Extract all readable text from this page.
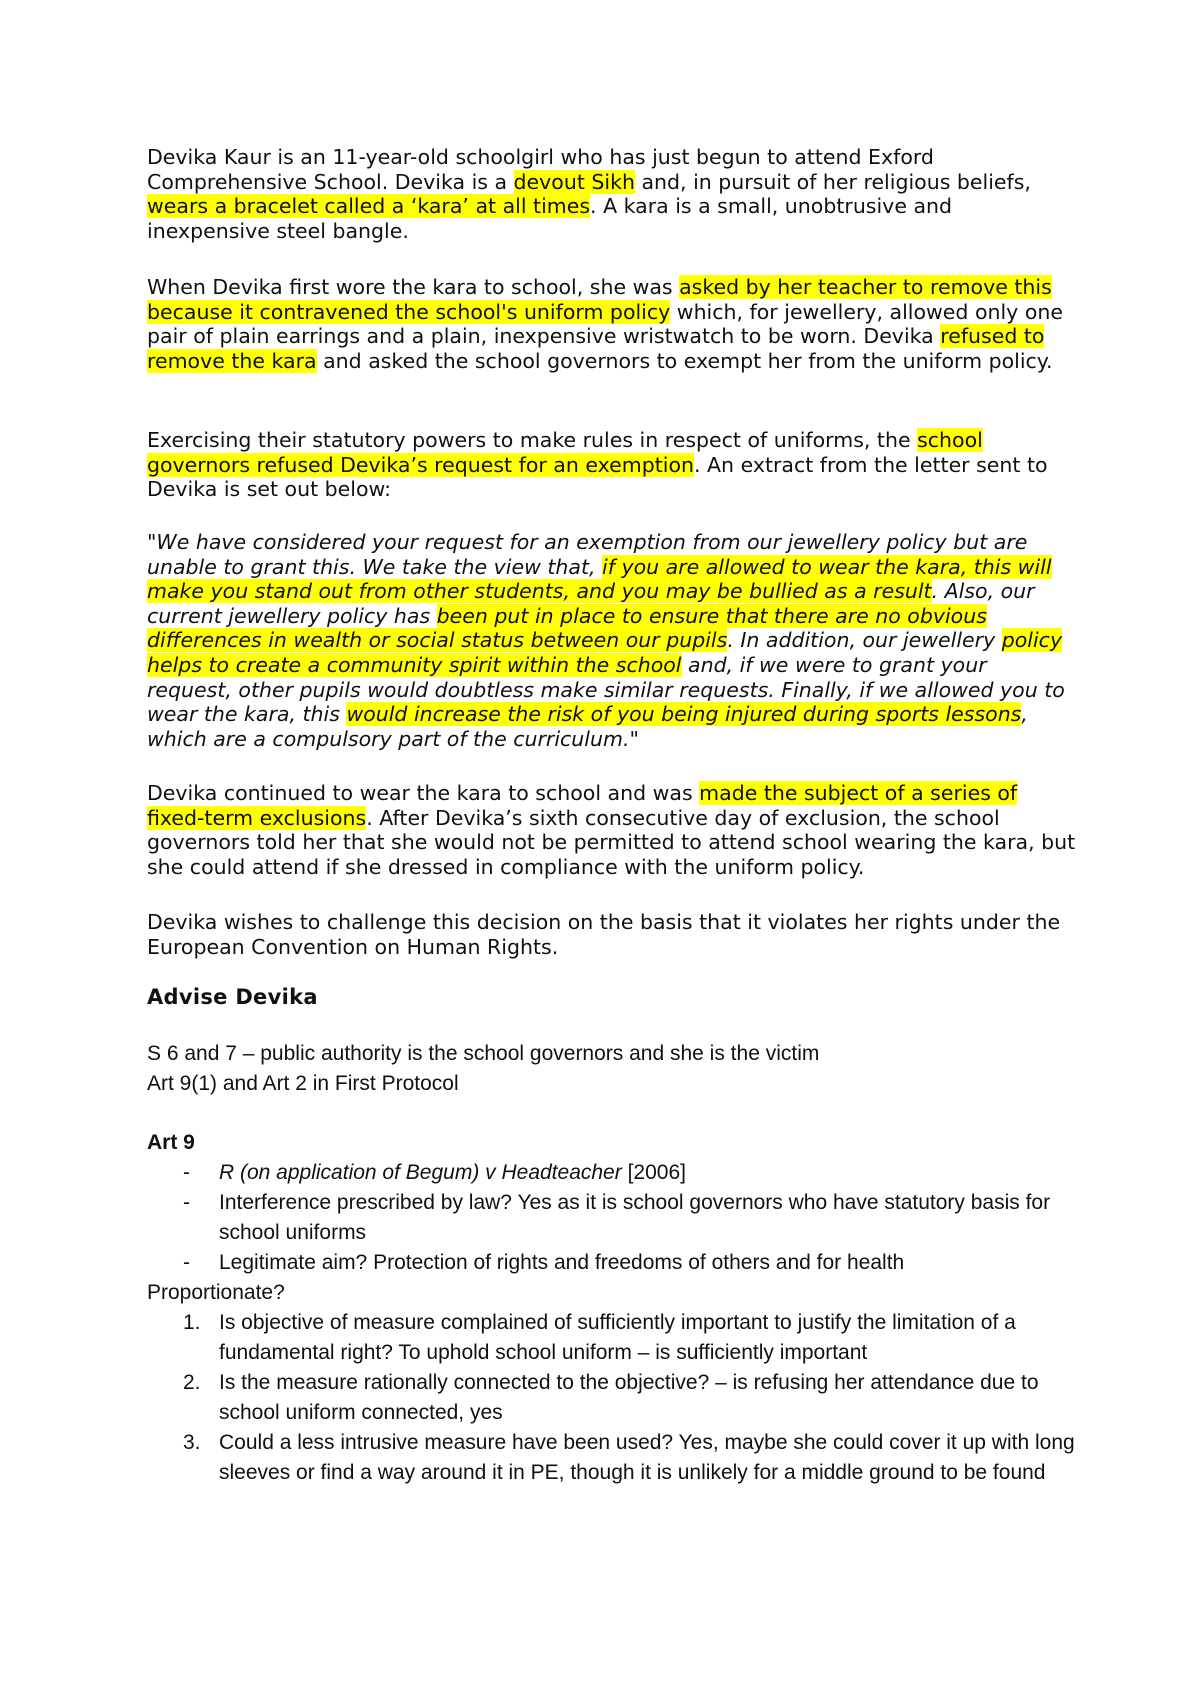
Devika Kaur is an 11-year-old schoolgirl who has just begun to attend Exford Comprehensive School. Devika is a devout Sikh and, in pursuit of her religious beliefs, wears a bracelet called a ‘kara’ at all times. A kara is a small, unobtrusive and inexpensive steel bangle.

When Devika first wore the kara to school, she was asked by her teacher to remove this because it contravened the school's uniform policy which, for jewellery, allowed only one pair of plain earrings and a plain, inexpensive wristwatch to be worn. Devika refused to remove the kara and asked the school governors to exempt her from the uniform policy.

Exercising their statutory powers to make rules in respect of uniforms, the school governors refused Devika’s request for an exemption. An extract from the letter sent to Devika is set out below:

"We have considered your request for an exemption from our jewellery policy but are unable to grant this. We take the view that, if you are allowed to wear the kara, this will make you stand out from other students, and you may be bullied as a result. Also, our current jewellery policy has been put in place to ensure that there are no obvious differences in wealth or social status between our pupils. In addition, our jewellery policy helps to create a community spirit within the school and, if we were to grant your request, other pupils would doubtless make similar requests. Finally, if we allowed you to wear the kara, this would increase the risk of you being injured during sports lessons, which are a compulsory part of the curriculum."

Devika continued to wear the kara to school and was made the subject of a series of fixed-term exclusions. After Devika’s sixth consecutive day of exclusion, the school governors told her that she would not be permitted to attend school wearing the kara, but she could attend if she dressed in compliance with the uniform policy.

Devika wishes to challenge this decision on the basis that it violates her rights under the European Convention on Human Rights.

Advise Devika

S 6 and 7 – public authority is the school governors and she is the victim

Art 9(1) and Art 2 in First Protocol

Art 9

- R (on application of Begum) v Headteacher [2006]
- Interference prescribed by law? Yes as it is school governors who have statutory basis for school uniforms
- Legitimate aim? Protection of rights and freedoms of others and for health

Proportionate?

1. Is objective of measure complained of sufficiently important to justify the limitation of a fundamental right? To uphold school uniform – is sufficiently important
2. Is the measure rationally connected to the objective? – is refusing her attendance due to school uniform connected, yes
3. Could a less intrusive measure have been used? Yes, maybe she could cover it up with long sleeves or find a way around it in PE, though it is unlikely for a middle ground to be found
